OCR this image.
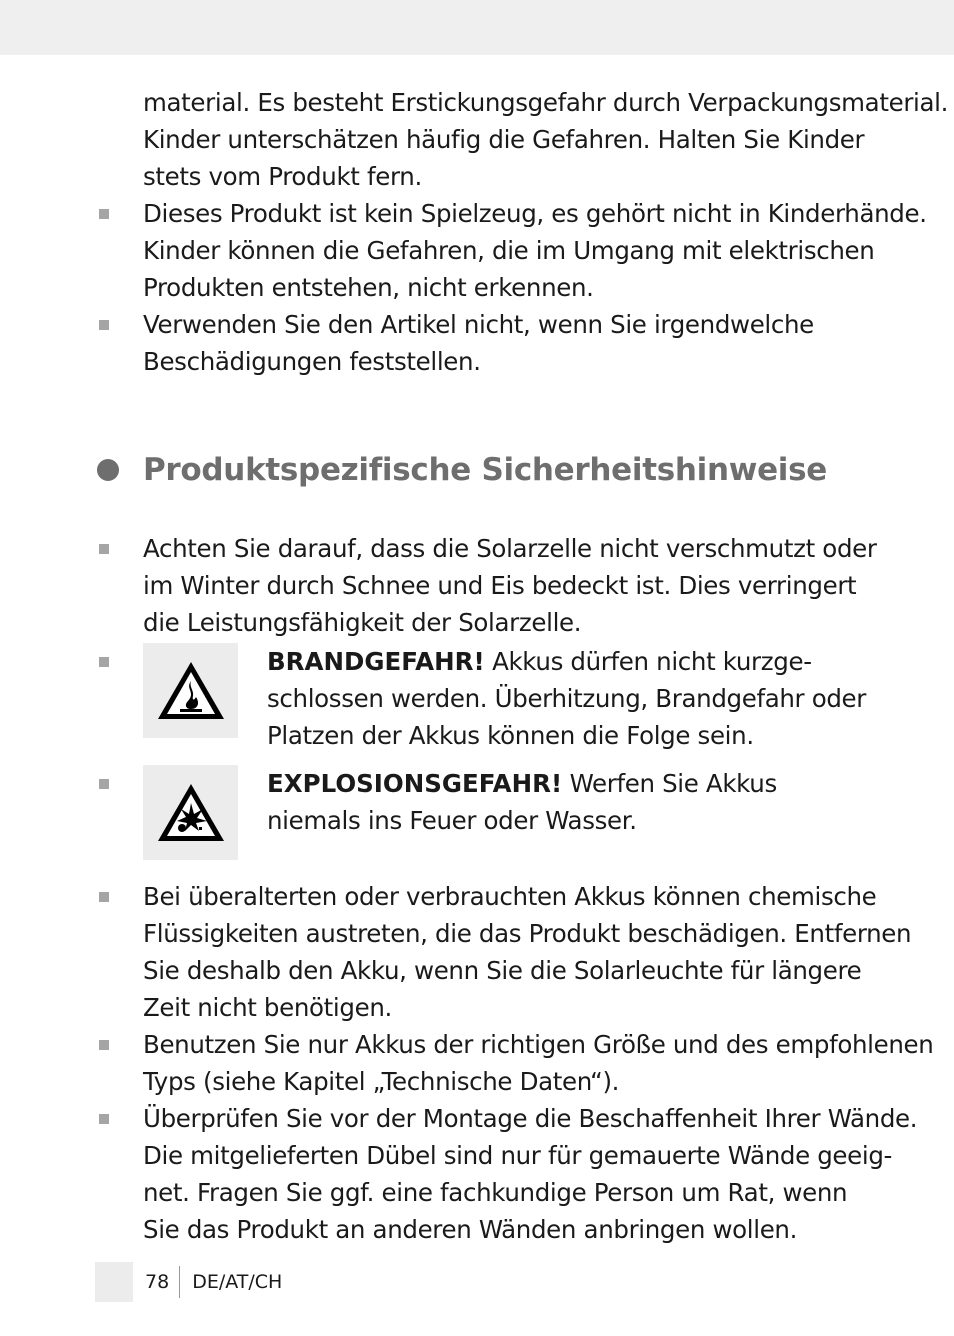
material. Es besteht Erstickungsgefahr durch Verpackungsmaterial.
Kinder unterschätzen häufig die Gefahren. Halten Sie Kinder
stets vom Produkt fern.
Dieses Produkt ist kein Spielzeug, es gehört nicht in Kinderhände.
Kinder können die Gefahren, die im Umgang mit elektrischen
Produkten entstehen, nicht erkennen.
Verwenden Sie den Artikel nicht, wenn Sie irgendwelche
Beschädigungen feststellen.
Produktspezifische Sicherheitshinweise
Achten Sie darauf, dass die Solarzelle nicht verschmutzt oder
im Winter durch Schnee und Eis bedeckt ist. Dies verringert
die Leistungsfähigkeit der Solarzelle.
BRANDGEFAHR! Akkus dürfen nicht kurzge-
schlossen werden. Überhitzung, Brandgefahr oder
Platzen der Akkus können die Folge sein.
EXPLOSIONSGEFAHR! Werfen Sie Akkus
niemals ins Feuer oder Wasser.
Bei überalterten oder verbrauchten Akkus können chemische
Flüssigkeiten austreten, die das Produkt beschädigen. Entfernen
Sie deshalb den Akku, wenn Sie die Solarleuchte für längere
Zeit nicht benötigen.
Benutzen Sie nur Akkus der richtigen Größe und des empfohlenen
Typs (siehe Kapitel „Technische Daten“).
Überprüfen Sie vor der Montage die Beschaffenheit Ihrer Wände.
Die mitgelieferten Dübel sind nur für gemauerte Wände geeig-
net. Fragen Sie ggf. eine fachkundige Person um Rat, wenn
Sie das Produkt an anderen Wänden anbringen wollen.
78 DE/AT/CH
